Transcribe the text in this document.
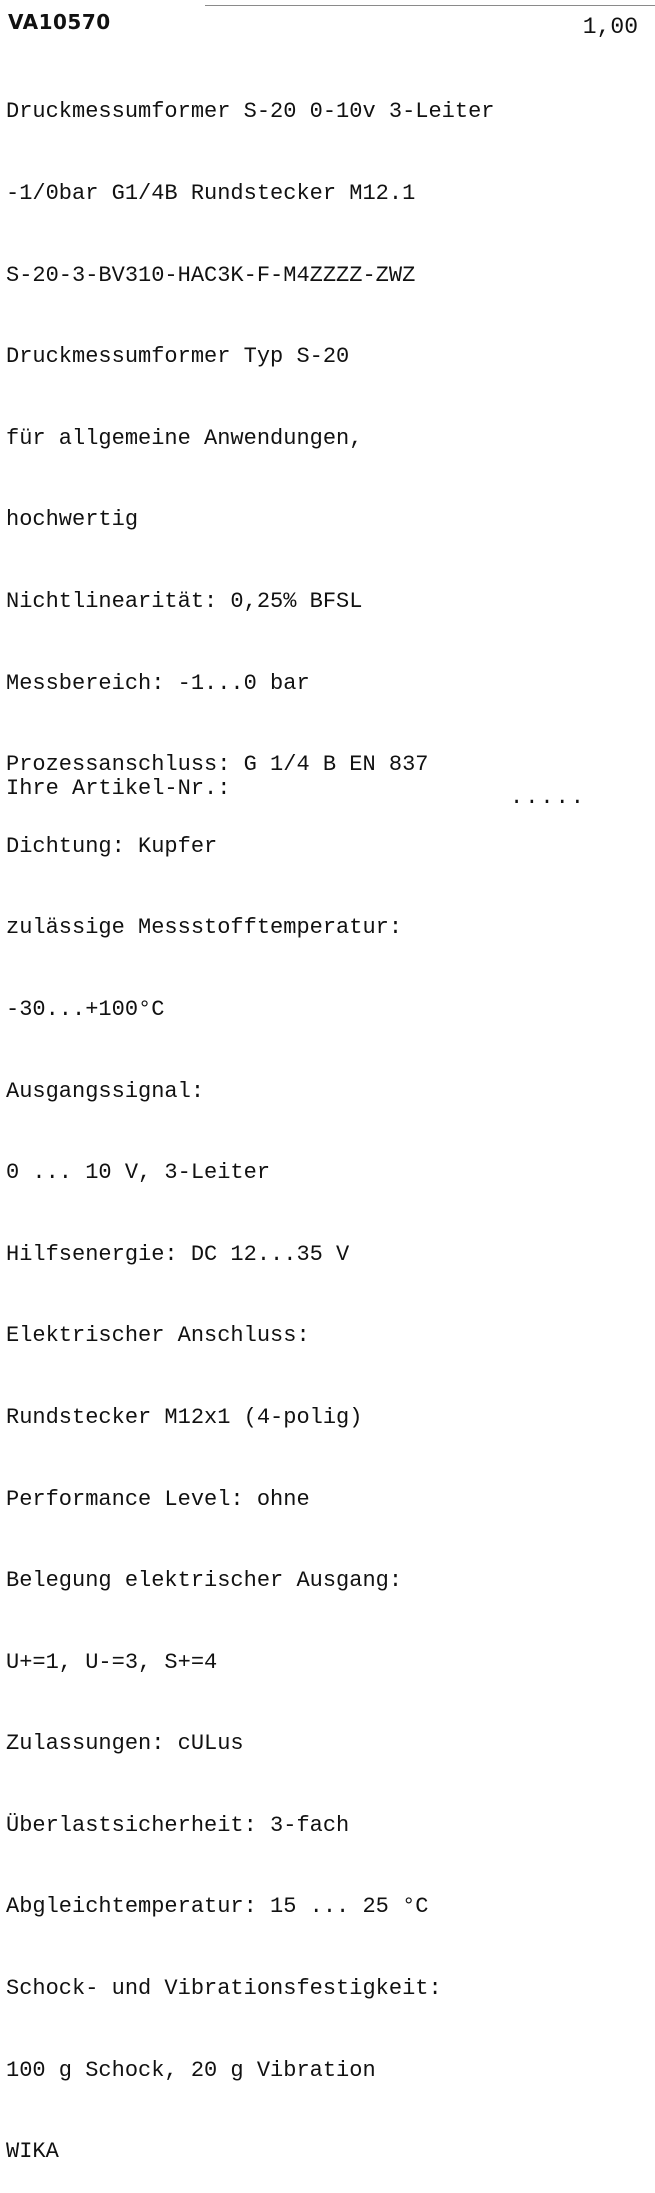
VA10570	1,00

Druckmessumformer S-20 0-10v 3-Leiter

-1/0bar G1/4B Rundstecker M12.1

S-20-3-BV310-HAC3K-F-M4ZZZZ-ZWZ

Druckmessumformer Typ S-20

für allgemeine Anwendungen,

hochwertig

Nichtlinearität: 0,25% BFSL

Messbereich: -1...0 bar

Prozessanschluss: G 1/4 B EN 837

Dichtung: Kupfer

zulässige Messstofftemperatur:

-30...+100°C

Ausgangssignal:

0 ... 10 V, 3-Leiter

Hilfsenergie: DC 12...35 V

Elektrischer Anschluss:

Rundstecker M12x1 (4-polig)

Performance Level: ohne

Belegung elektrischer Ausgang:

U+=1, U-=3, S+=4

Zulassungen: cULus

Überlastsicherheit: 3-fach

Abgleichtemperatur: 15 ... 25 °C

Schock- und Vibrationsfestigkeit:

100 g Schock, 20 g Vibration

WIKA

Ihre Artikel-Nr.:	.....
